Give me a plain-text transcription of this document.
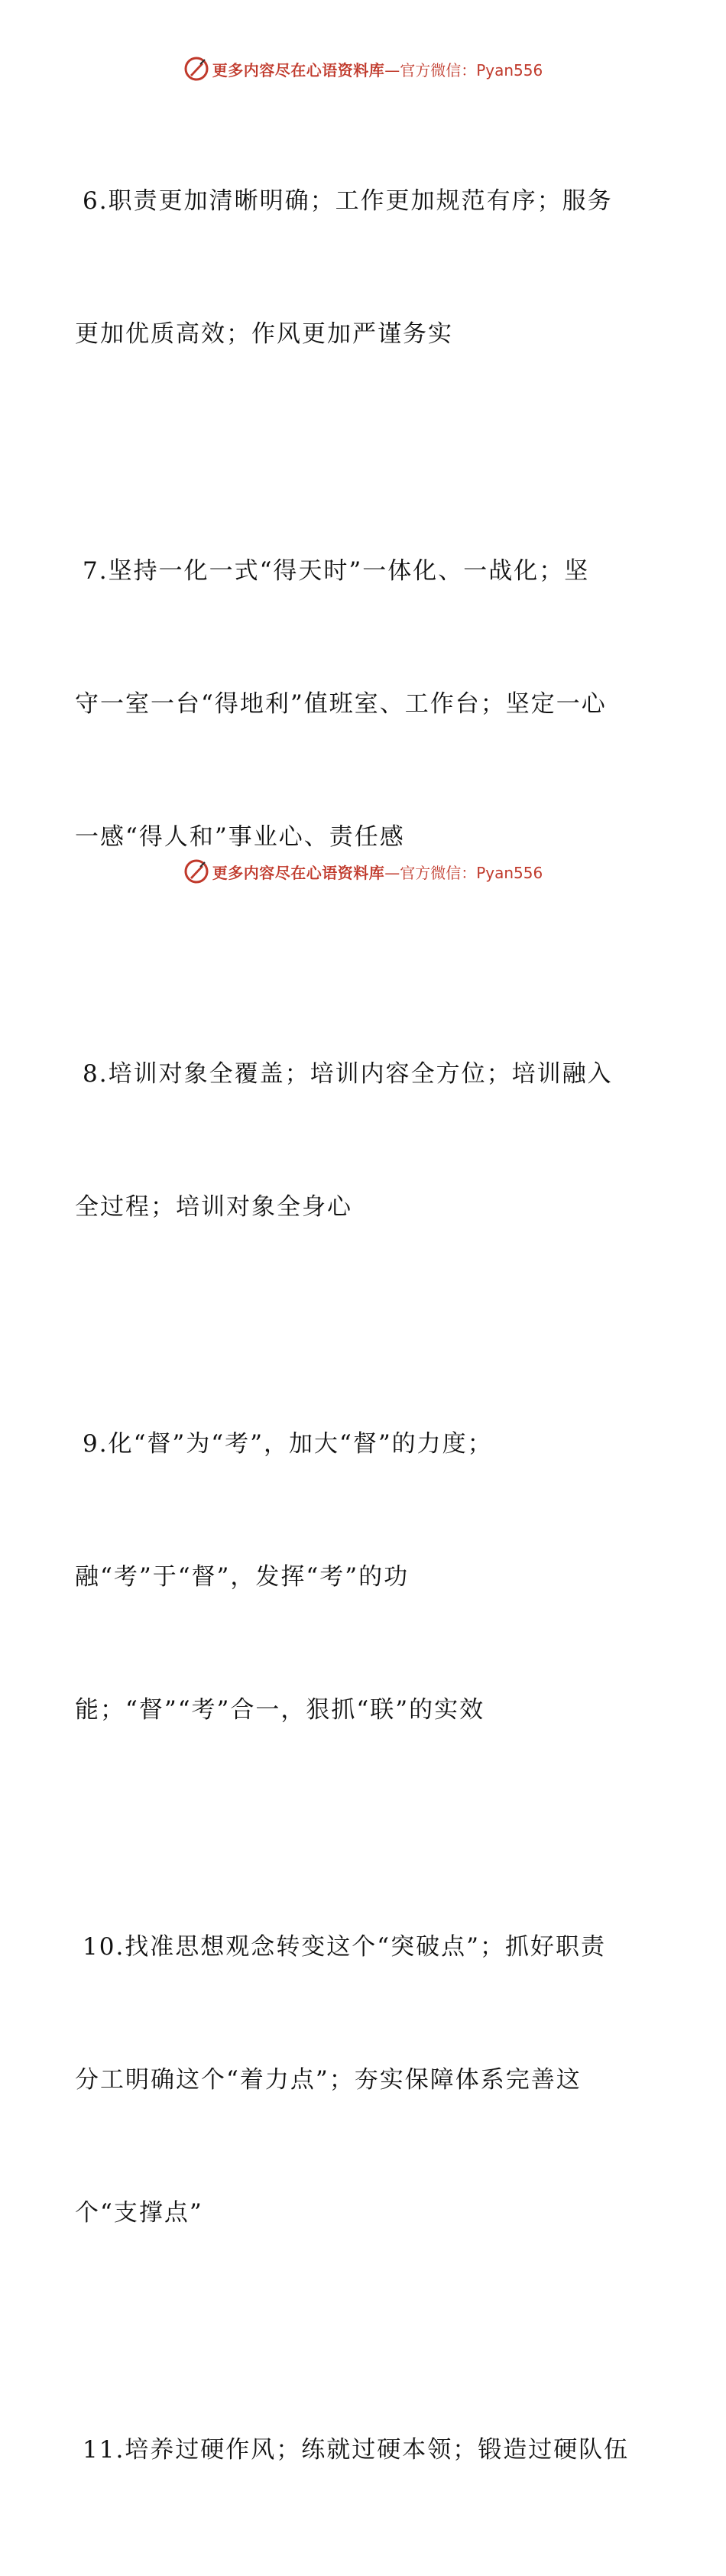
更多内容尽在心语资料库 —官方微信：Pyan556

6.职责更加清晰明确；工作更加规范有序；服务

更加优质高效；作风更加严谨务实

7.坚持一化一式“得天时”一体化、一战化；坚

守一室一台“得地利”值班室、工作台；坚定一心

一感“得人和”事业心、责任感

8.培训对象全覆盖；培训内容全方位；培训融入

全过程；培训对象全身心

9.化“督”为“考”，加大“督”的力度；

融“考”于“督”，发挥“考”的功

能；“督”“考”合一，狠抓“联”的实效

10.找准思想观念转变这个“突破点”；抓好职责

分工明确这个“着力点”；夯实保障体系完善这

个“支撑点”

11.培养过硬作风；练就过硬本领；锻造过硬队伍

更多内容尽在心语资料库 —官方微信：Pyan556
